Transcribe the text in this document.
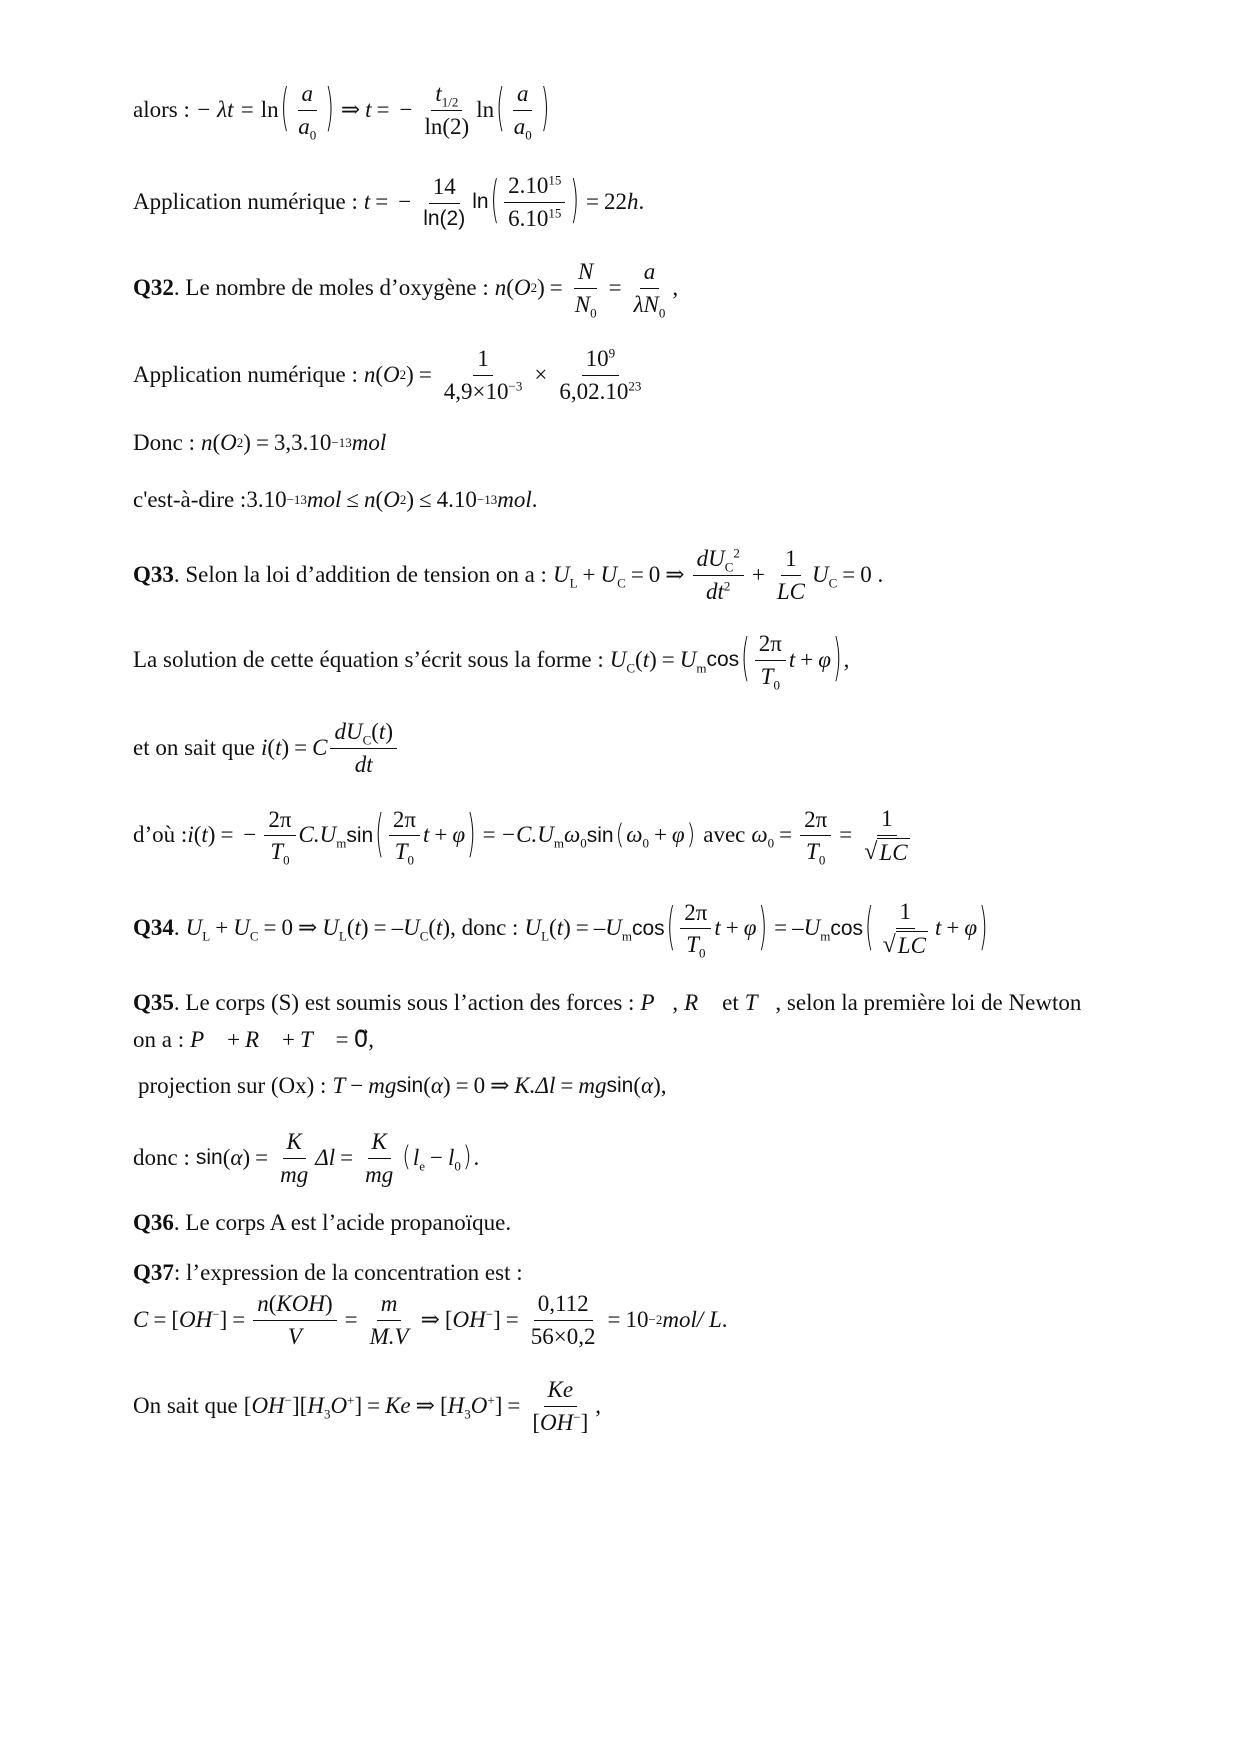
alors : − λt = ln ( $\frac{a}{a_0}$ ) ⇒ t = − $\frac{t_{1/2}}{\ln(2)}$ ln ( $\frac{a}{a_0}$ )
Application numérique : t = − $\frac{14}{\ln(2)}$ ln ( $\frac{2.10^{15}}{6.10^{15}}$ ) = 22 h .
Q32 . Le nombre de moles d’oxygène : n ( O 2 ) = $\frac{N}{N_0} = \frac{a}{\lambda N_0}$ ,
Application numérique : n ( O 2 ) = $\frac{1}{4,9\times 10^{-3}} \times \frac{10^9}{6,02.10^{23}}$
Donc : n ( O 2 ) = 3,3.10 −13 mol
c'est-à-dire : 3.10 −13 mol ≤ n ( O 2 ) ≤ 4.10 −13 mol .
Q33 . Selon la loi d’addition de tension on a : $U_L + U_C = 0$ ⇒ $\frac{dU_C^2}{dt^2} + \frac{1}{LC} U_C = 0$ .
La solution de cette équation s’écrit sous la forme : $U_C$ ( t ) = $U_m$ cos ( $\frac{2\pi}{T_0}$ t + φ ) ,
et on sait que i ( t ) = C $\frac{dU_C(t)}{dt}$
d’où : i ( t ) = − $\frac{2\pi}{T_0} C.U_m$ sin ( $\frac{2\pi}{T_0}$ t + φ ) = $-C.U_m\omega_0$ sin ( $\omega_0 + \varphi$ ) avec $\omega_0 = \frac{2\pi}{T_0} = \frac{1}{√ LC}$
Q34 . $U_L + U_C = 0$ ⇒ $U_L$ ( t ) = $-U_C$ ( t ) , donc : $U_L$ ( t ) = $-U_m$ cos ( $\frac{2\pi}{T_0}$ t + φ ) = $-U_m$ cos ( $\frac{1}{√ LC}$ t + φ )
Q35 . Le corps (S) est soumis sous l’action des forces : P⃗ , R⃗ et T⃗ , selon la première loi de Newton
on a : P⃗ + R⃗ + T⃗ = 0⃗ ,
projection sur (Ox) : T − mg sin ( α ) = 0 ⇒ K.Δl = mg sin ( α ) ,
donc : sin ( α ) = $\frac{K}{mg}$ $\Delta l = \frac{K}{mg}$ ( $l_e - l_0$ ) .
Q36 . Le corps A est l’acide propanoïque.
Q37 : l’expression de la concentration est :
C = [ OH− ] = $\frac{\text{n(KOH)}}{V} = \frac{m}{M.V}$ ⇒ [ OH− ] = $\frac{0,112}{56\times 0,2} = 10 -2$ mol/ L .
On sait que [ OH− ][ $H_3O^+$ ] = Ke ⇒ [ $H_3O^+$ ] = $\frac{Ke}{[OH^-]}$ ,
